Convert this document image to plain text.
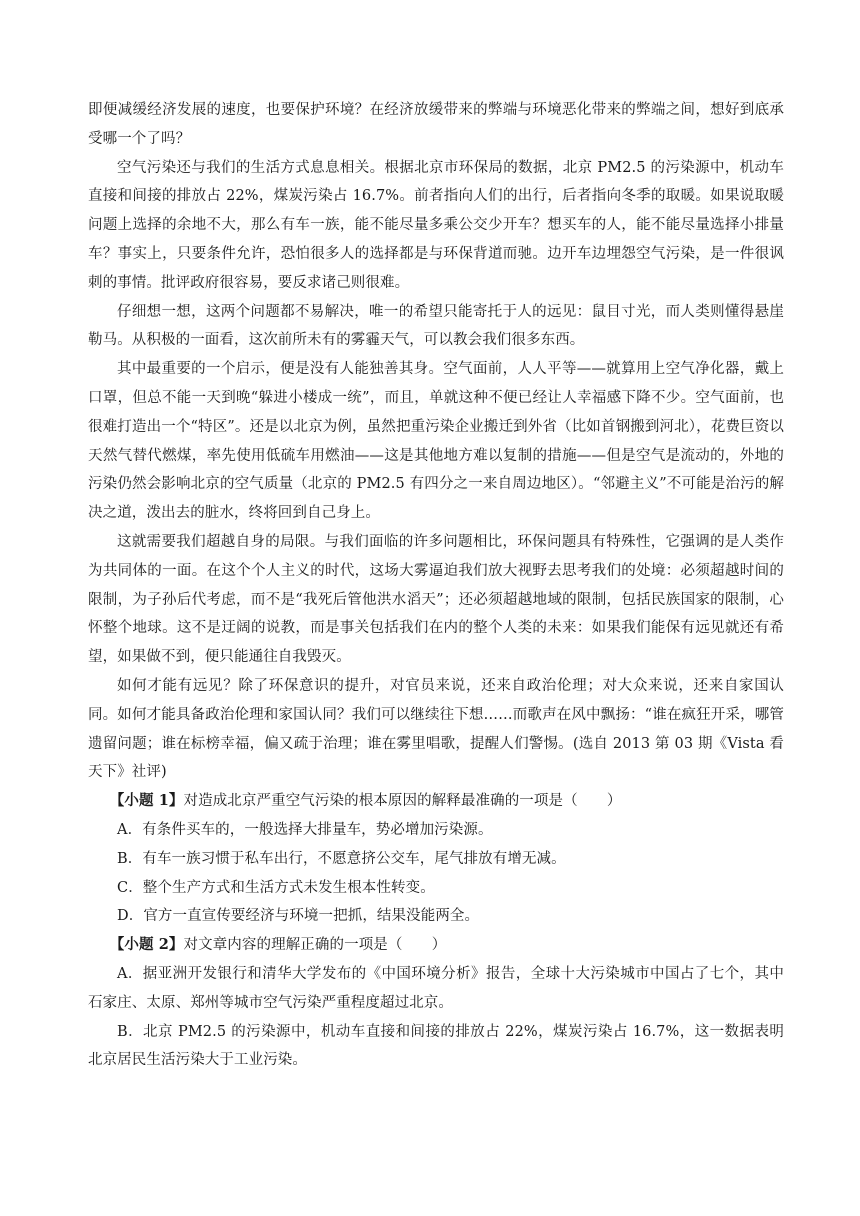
即便减缓经济发展的速度，也要保护环境？在经济放缓带来的弊端与环境恶化带来的弊端之间，想好到底承受哪一个了吗？

空气污染还与我们的生活方式息息相关。根据北京市环保局的数据，北京 PM2.5 的污染源中，机动车直接和间接的排放占 22%，煤炭污染占 16.7%。前者指向人们的出行，后者指向冬季的取暖。如果说取暖问题上选择的余地不大，那么有车一族，能不能尽量多乘公交少开车？想买车的人，能不能尽量选择小排量车？事实上，只要条件允许，恐怕很多人的选择都是与环保背道而驰。边开车边埋怨空气污染，是一件很讽刺的事情。批评政府很容易，要反求诸己则很难。

仔细想一想，这两个问题都不易解决，唯一的希望只能寄托于人的远见：鼠目寸光，而人类则懂得悬崖勒马。从积极的一面看，这次前所未有的雾霾天气，可以教会我们很多东西。

其中最重要的一个启示，便是没有人能独善其身。空气面前，人人平等——就算用上空气净化器，戴上口罩，但总不能一天到晚“躲进小楼成一统”，而且，单就这种不便已经让人幸福感下降不少。空气面前，也很难打造出一个“特区”。还是以北京为例，虽然把重污染企业搬迁到外省（比如首钢搬到河北），花费巨资以天然气替代燃煤，率先使用低硫车用燃油——这是其他地方难以复制的措施——但是空气是流动的，外地的污染仍然会影响北京的空气质量（北京的 PM2.5 有四分之一来自周边地区）。“邻避主义”不可能是治污的解决之道，泼出去的脏水，终将回到自己身上。

这就需要我们超越自身的局限。与我们面临的许多问题相比，环保问题具有特殊性，它强调的是人类作为共同体的一面。在这个个人主义的时代，这场大雾逼迫我们放大视野去思考我们的处境：必须超越时间的限制，为子孙后代考虑，而不是“我死后管他洪水滔天”；还必须超越地域的限制，包括民族国家的限制，心怀整个地球。这不是迂阔的说教，而是事关包括我们在内的整个人类的未来：如果我们能保有远见就还有希望，如果做不到，便只能通往自我毁灭。

如何才能有远见？除了环保意识的提升，对官员来说，还来自政治伦理；对大众来说，还来自家国认同。如何才能具备政治伦理和家国认同？我们可以继续往下想……而歌声在风中飘扬：“谁在疯狂开采，哪管遗留问题；谁在标榜幸福，偏又疏于治理；谁在雾里唱歌，提醒人们警惕。(选自 2013 第 03 期《Vista 看天下》社评)

【小题 1】对造成北京严重空气污染的根本原因的解释最准确的一项是（　　）

A．有条件买车的，一般选择大排量车，势必增加污染源。

B．有车一族习惯于私车出行，不愿意挤公交车，尾气排放有增无减。

C．整个生产方式和生活方式未发生根本性转变。

D．官方一直宣传要经济与环境一把抓，结果没能两全。

【小题 2】对文章内容的理解正确的一项是（　　）

A．据亚洲开发银行和清华大学发布的《中国环境分析》报告，全球十大污染城市中国占了七个，其中石家庄、太原、郑州等城市空气污染严重程度超过北京。

B．北京 PM2.5 的污染源中，机动车直接和间接的排放占 22%，煤炭污染占 16.7%，这一数据表明北京居民生活污染大于工业污染。
